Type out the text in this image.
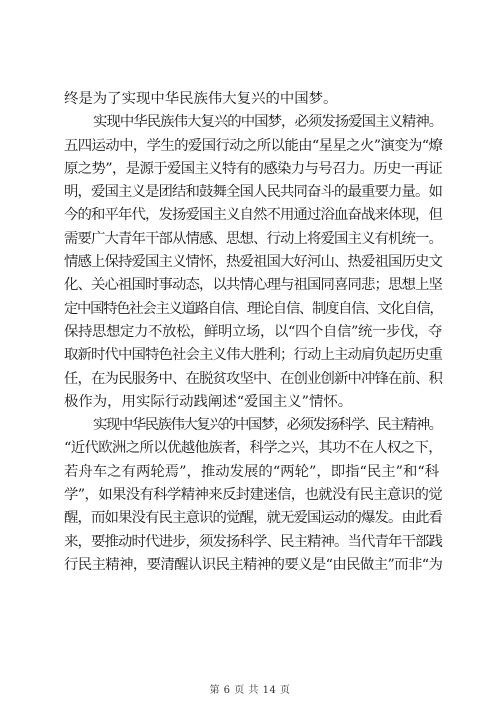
终是为了实现中华民族伟大复兴的中国梦。
实现中华民族伟大复兴的中国梦，必须发扬爱国主义精神。
五四运动中，学生的爱国行动之所以能由“星星之火”演变为“燎
原之势”，是源于爱国主义特有的感染力与号召力。历史一再证
明，爱国主义是团结和鼓舞全国人民共同奋斗的最重要力量。如
今的和平年代，发扬爱国主义自然不用通过浴血奋战来体现，但
需要广大青年干部从情感、思想、行动上将爱国主义有机统一。
情感上保持爱国主义情怀，热爱祖国大好河山、热爱祖国历史文
化、关心祖国时事动态，以共情心理与祖国同喜同悲；思想上坚
定中国特色社会主义道路自信、理论自信、制度自信、文化自信，
保持思想定力不放松，鲜明立场，以“四个自信”统一步伐，夺
取新时代中国特色社会主义伟大胜利；行动上主动肩负起历史重
任，在为民服务中、在脱贫攻坚中、在创业创新中冲锋在前、积
极作为，用实际行动践阐述“爱国主义”情怀。
实现中华民族伟大复兴的中国梦，必须发扬科学、民主精神。
“近代欧洲之所以优越他族者，科学之兴，其功不在人权之下，
若舟车之有两轮焉”，推动发展的“两轮”，即指“民主”和“科
学”，如果没有科学精神来反封建迷信，也就没有民主意识的觉
醒，而如果没有民主意识的觉醒，就无爱国运动的爆发。由此看
来，要推动时代进步，须发扬科学、民主精神。当代青年干部践
行民主精神，要清醒认识民主精神的要义是“由民做主”而非“为
第 6 页 共 14 页
